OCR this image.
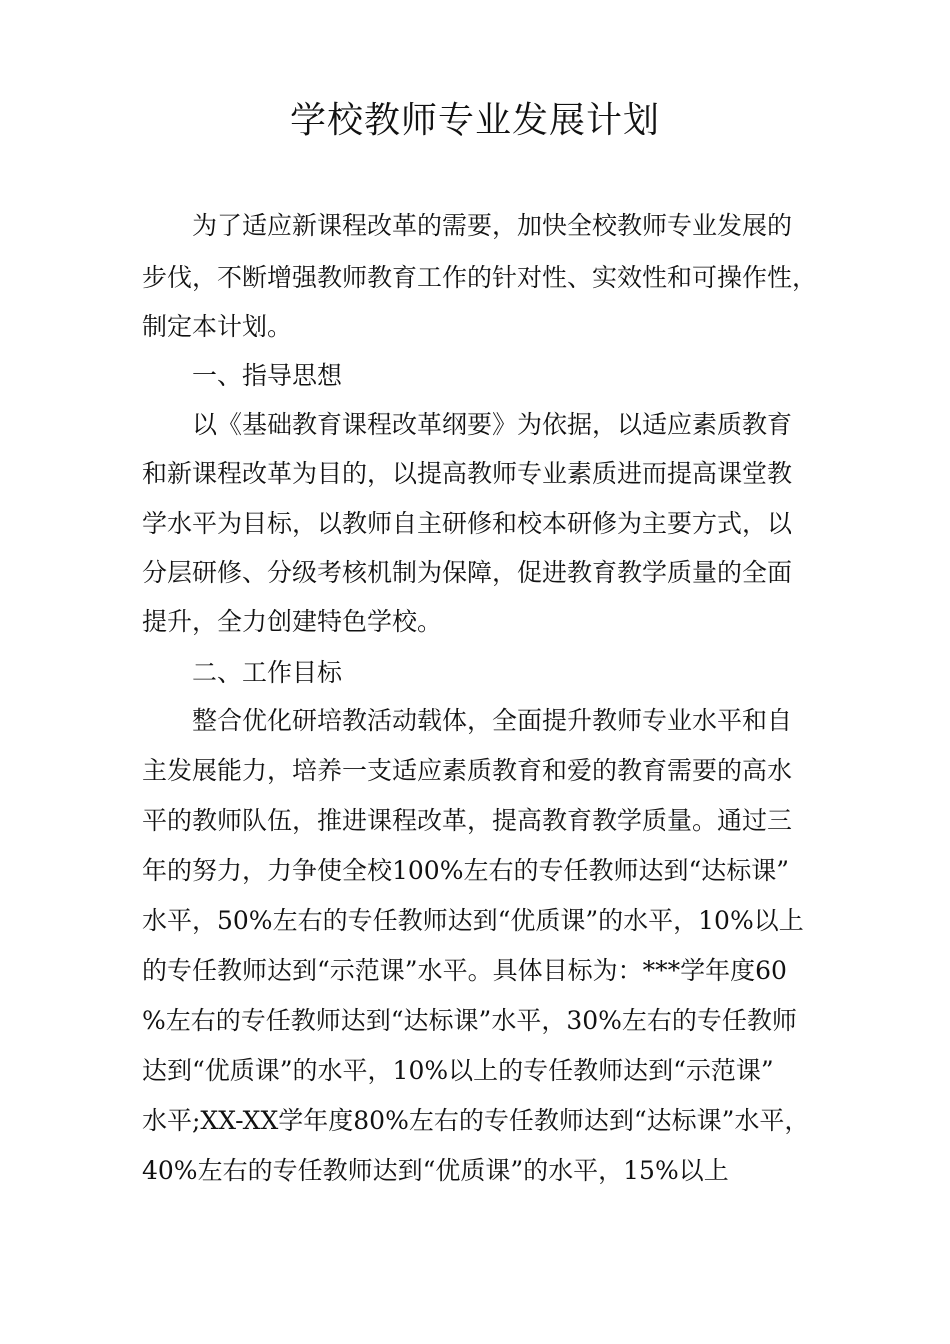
学校教师专业发展计划
为了适应新课程改革的需要，加快全校教师专业发展的
步伐，不断增强教师教育工作的针对性、实效性和可操作性，
制定本计划。
一、指导思想
以《基础教育课程改革纲要》为依据，以适应素质教育
和新课程改革为目的，以提高教师专业素质进而提高课堂教
学水平为目标，以教师自主研修和校本研修为主要方式，以
分层研修、分级考核机制为保障，促进教育教学质量的全面
提升，全力创建特色学校。
二、工作目标
整合优化研培教活动载体，全面提升教师专业水平和自
主发展能力，培养一支适应素质教育和爱的教育需要的高水
平的教师队伍，推进课程改革，提高教育教学质量。通过三
年的努力，力争使全校100%左右的专任教师达到“达标课”
水平，50%左右的专任教师达到“优质课”的水平，10%以上
的专任教师达到“示范课”水平。具体目标为：***学年度60
%左右的专任教师达到“达标课”水平，30%左右的专任教师
达到“优质课”的水平，10%以上的专任教师达到“示范课”
水平;XX-XX学年度80%左右的专任教师达到“达标课”水平，
40%左右的专任教师达到“优质课”的水平，15%以上
